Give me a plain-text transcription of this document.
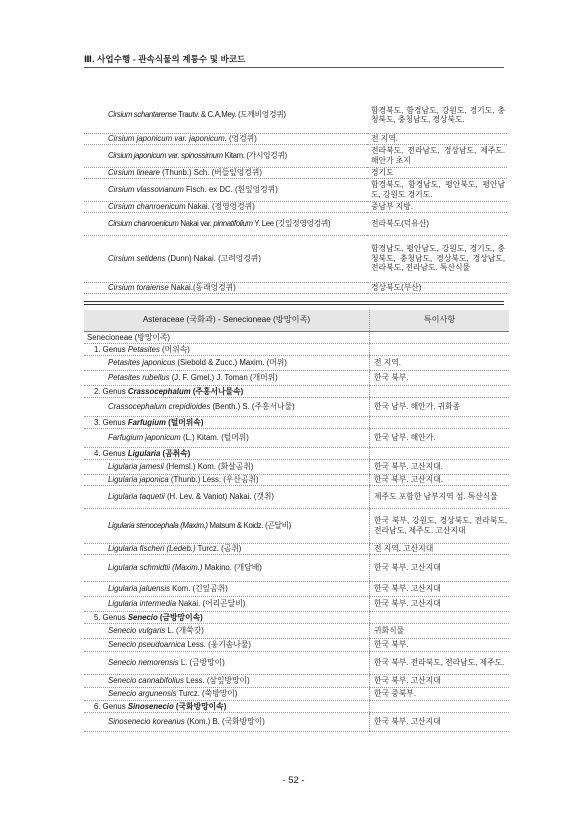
Ⅲ. 사업수행 - 관속식물의 계통수 및 바코드
Cirsium schantarense Trautv. & C.A.Mey. (도깨비엉겅퀴)	함경북도, 함경남도, 강원도, 경기도, 충청북도, 충청남도, 경상북도.
Cirsium japonicum var. japonicum. (엉겅퀴)	전 지역.
Cirsium japonicum var. spinossimum Kitam. (가시엉겅퀴)	전라북도, 전라남도, 경상남도, 제주도. 해안가 초지
Cirsium lineare (Thunb.) Sch. (버들잎엉겅퀴)	경기도
Cirsium vlassovianum Fisch. ex DC. (흰잎엉겅퀴)	함경북도, 함경남도, 평안북도, 평안남도, 강원도 경기도.
Cirsium chanroenicum Nakai. (정영엉겅퀴)	중남부 지방.
Cirsium chanroenicum Nakai var. pinnatifolium Y. Lee (깃잎정영엉겅퀴)	전라북도(덕유산)
Cirsium setidens (Dunn) Nakai. (고려엉겅퀴)	함경남도, 평안남도, 강원도, 경기도, 충청북도, 충청남도, 경상북도, 경상남도, 전라북도, 전라남도. 특산식물
Cirsium toraiense Nakai.(동래엉겅퀴)	경상북도(부산)
Asteraceae (국화과) - Senecioneae (방망이족)	특이사항
Senecioneae (방망이족)	
1. Genus Petasites (머위속)	
Petasites japonicus (Siebold & Zucc.) Maxim. (머위)	전 지역.
Petasites rubellus (J. F. Gmel.) J. Toman (개머위)	한국 북부.
2. Genus Crassocephalum (주홍서나물속)	
Crassocephalum crepidioides (Benth.) S. (주홍서나물)	한국 남부. 해안가. 귀화종
3. Genus Farfugium (털머위속)	
Farfugium japonicum (L.) Kitam. (털머위)	한국 남부. 해안가.
4. Genus Ligularia (곰취속)	
Ligularia jamesii (Hemsl.) Kom. (화살곰취)	한국 북부. 고산지대.
Ligularia japonica (Thunb.) Less. (우산곰취)	한국 북부. 고산지대.
Ligularia taquetii (H. Lev. & Vaniot) Nakai. (갯취)	제주도 포함한 남부지역 섬. 특산식물
Ligularia stenocephala (Maxim.) Matsum & Koidz. (곤달비)	한국 북부, 강원도, 경상북도, 전라북도, 전라남도, 제주도. 고산지대
Ligularia fischeri (Ledeb.) Turcz. (곰취)	전 지역. 고산지대
Ligularia schmidtii (Maxim.) Makino. (개담배)	한국 북부. 고산지대
Ligularia jaluensis Kom. (긴잎곰취)	한국 북부. 고산지대
Ligularia intermedia Nakai. (어리곤달비)	한국 북부. 고산지대
5. Genus Senecio (금방망이속)	
Senecio vulgaris L. (개쑥갓)	귀화식물
Senecio pseudoarnica Less. (웅기솜나물)	한국 북부.
Senecio nemorensis L. (금방망이)	한국 북부. 전라북도, 전라남도, 제주도.
Senecio cannabifolius Less. (삼잎방망이)	한국 북부. 고산지대
Senecio argunensis Turcz. (쑥방망이)	한국 중북부.
6. Genus Sinosenecio (국화방망이속)	
Sinosenecio koreanus (Kom.) B. (국화방망이)	한국 북부. 고산지대
- 52 -
